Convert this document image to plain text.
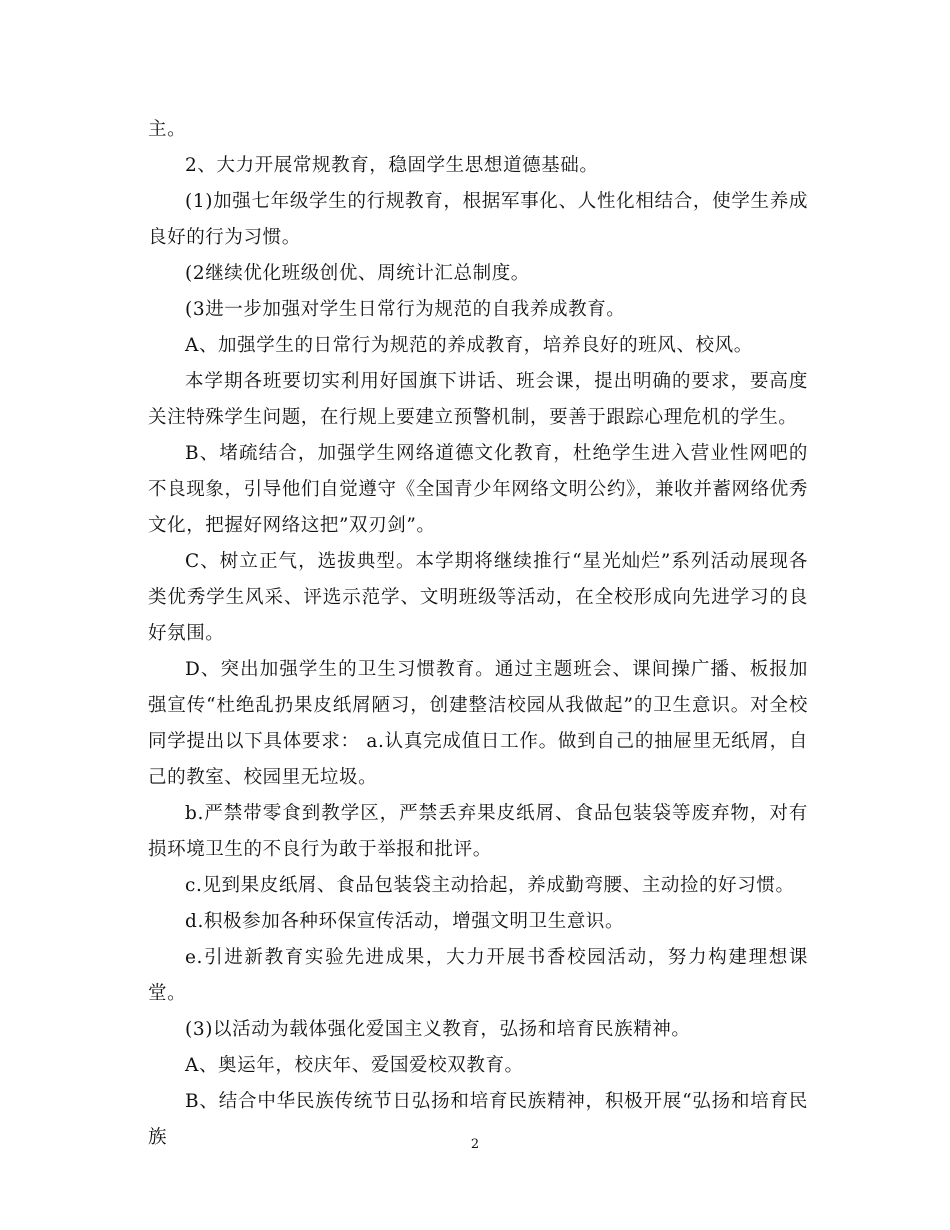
主。

2、大力开展常规教育，稳固学生思想道德基础。

(1)加强七年级学生的行规教育，根据军事化、人性化相结合，使学生养成良好的行为习惯。

(2继续优化班级创优、周统计汇总制度。

(3进一步加强对学生日常行为规范的自我养成教育。

A、加强学生的日常行为规范的养成教育，培养良好的班风、校风。

本学期各班要切实利用好国旗下讲话、班会课，提出明确的要求，要高度关注特殊学生问题，在行规上要建立预警机制，要善于跟踪心理危机的学生。

B、堵疏结合，加强学生网络道德文化教育，杜绝学生进入营业性网吧的不良现象，引导他们自觉遵守《全国青少年网络文明公约》，兼收并蓄网络优秀文化，把握好网络这把”双刃剑”。

C、树立正气，选拔典型。本学期将继续推行“星光灿烂”系列活动展现各类优秀学生风采、评选示范学、文明班级等活动，在全校形成向先进学习的良好氛围。

D、突出加强学生的卫生习惯教育。通过主题班会、课间操广播、板报加强宣传“杜绝乱扔果皮纸屑陋习，创建整洁校园从我做起”的卫生意识。对全校同学提出以下具体要求： a.认真完成值日工作。做到自己的抽屉里无纸屑，自己的教室、校园里无垃圾。

b.严禁带零食到教学区，严禁丢弃果皮纸屑、食品包装袋等废弃物，对有损环境卫生的不良行为敢于举报和批评。

c.见到果皮纸屑、食品包装袋主动拾起，养成勤弯腰、主动捡的好习惯。

d.积极参加各种环保宣传活动，增强文明卫生意识。

e.引进新教育实验先进成果，大力开展书香校园活动，努力构建理想课堂。

(3)以活动为载体强化爱国主义教育，弘扬和培育民族精神。

A、奥运年，校庆年、爱国爱校双教育。

B、结合中华民族传统节日弘扬和培育民族精神，积极开展“弘扬和培育民族	2
